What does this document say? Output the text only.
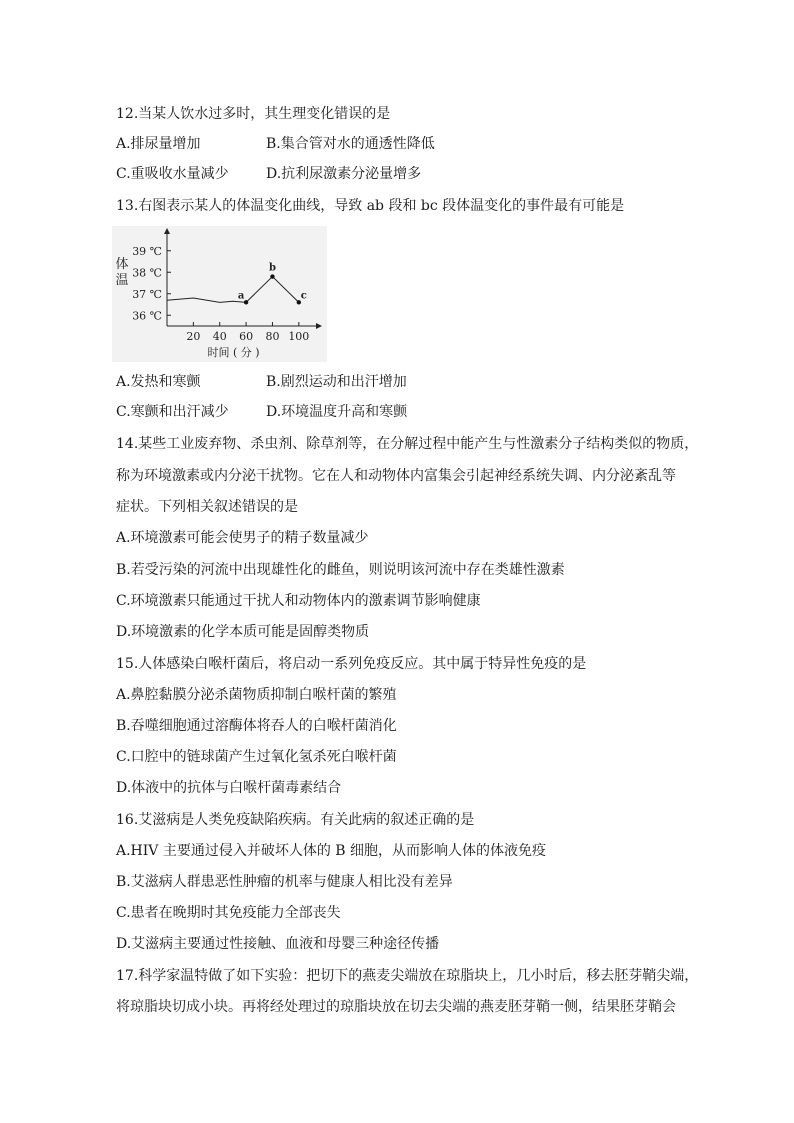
12.当某人饮水过多时，其生理变化错误的是
A.排尿量增加	B.集合管对水的通透性降低
C.重吸收水量减少	D.抗利尿激素分泌量增多
13.右图表示某人的体温变化曲线，导致 ab 段和 bc 段体温变化的事件最有可能是
36 ℃
37 ℃
38 ℃
39 ℃
20 40 60 80 100
时间 ( 分 )
体
温
a
b
c
A.发热和寒颤	B.剧烈运动和出汗增加
C.寒颤和出汗减少	D.环境温度升高和寒颤
14.某些工业废弃物、杀虫剂、除草剂等，在分解过程中能产生与性激素分子结构类似的物质，
称为环境激素或内分泌干扰物。它在人和动物体内富集会引起神经系统失调、内分泌紊乱等
症状。下列相关叙述错误的是
A.环境激素可能会使男子的精子数量减少
B.若受污染的河流中出现雄性化的雌鱼，则说明该河流中存在类雄性激素
C.环境激素只能通过干扰人和动物体内的激素调节影响健康
D.环境激素的化学本质可能是固醇类物质
15.人体感染白喉杆菌后，将启动一系列免疫反应。其中属于特异性免疫的是
A.鼻腔黏膜分泌杀菌物质抑制白喉杆菌的繁殖
B.吞噬细胞通过溶酶体将吞人的白喉杆菌消化
C.口腔中的链球菌产生过氧化氢杀死白喉杆菌
D.体液中的抗体与白喉杆菌毒素结合
16.艾滋病是人类免疫缺陷疾病。有关此病的叙述正确的是
A.HIV 主要通过侵入并破坏人体的 B 细胞，从而影响人体的体液免疫
B.艾滋病人群患恶性肿瘤的机率与健康人相比没有差异
C.患者在晚期时其免疫能力全部丧失
D.艾滋病主要通过性接触、血液和母婴三种途径传播
17.科学家温特做了如下实验：把切下的燕麦尖端放在琼脂块上，几小时后，移去胚芽鞘尖端，
将琼脂块切成小块。再将经处理过的琼脂块放在切去尖端的燕麦胚芽鞘一侧，结果胚芽鞘会
